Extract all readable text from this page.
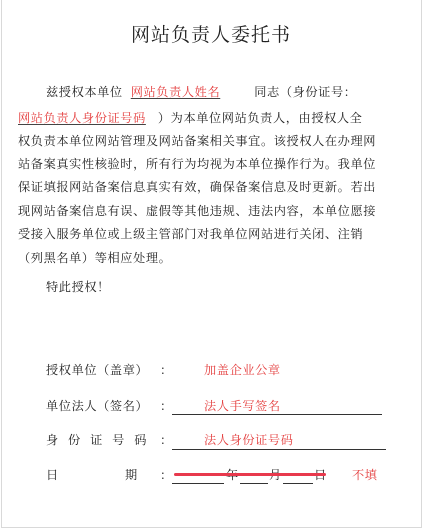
网站负责人委托书
兹授权本单位 网站负责人姓名	同志（身份证号：
网站负责人身份证号码 ）为本单位网站负责人，由授权人全
权负责本单位网站管理及网站备案相关事宜。该授权人在办理网
站备案真实性核验时，所有行为均视为本单位操作行为。我单位
保证填报网站备案信息真实有效，确保备案信息及时更新。若出
现网站备案信息有误、虚假等其他违规、违法内容，本单位愿接
受接入服务单位或上级主管部门对我单位网站进行关闭、注销
（列黑名单）等相应处理。
特此授权！
授权单位（盖章） ：	加盖企业公章
单位法人（签名） ：	法人手写签名
身 份 证 号 码 ：	法人身份证号码
日	期 ：	不填
